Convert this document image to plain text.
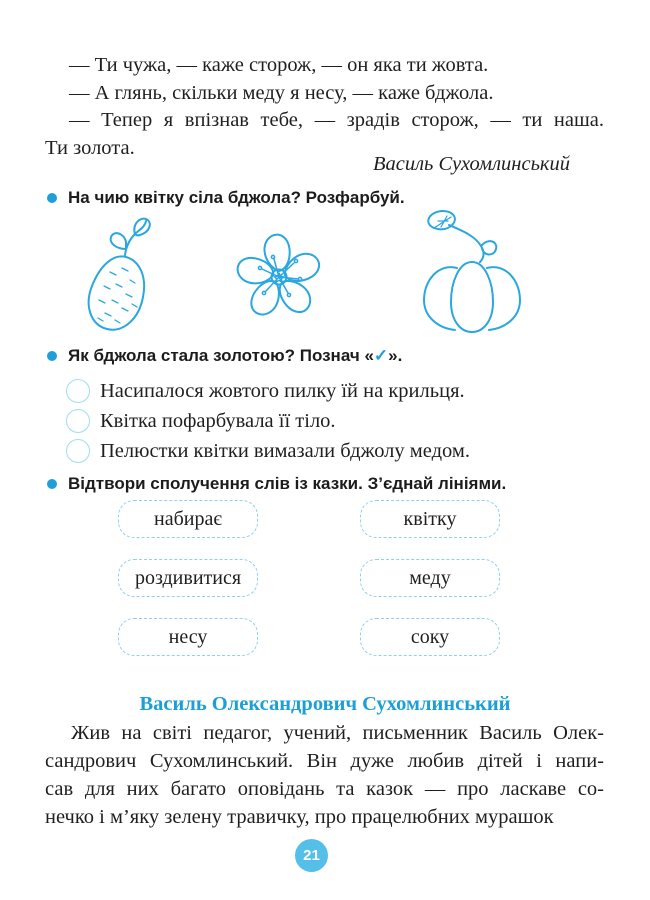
— Ти чужа, — каже сторож, — он яка ти жовта.
— А глянь, скільки меду я несу, — каже бджола.
— Тепер я впізнав тебе, — зрадів сторож, — ти наша.
Ти золота.
Василь Сухомлинський
На чию квітку сіла бджола? Розфарбуй.
Як бджола стала золотою? Познач «✓».
Насипалося жовтого пилку їй на крильця.
Квітка пофарбувала її тіло.
Пелюстки квітки вимазали бджолу медом.
Відтвори сполучення слів із казки. З’єднай лініями.
набирає
роздивитися
несу
квітку
меду
соку
Василь Олександрович Сухомлинський
Жив на світі педагог, учений, письменник Василь Олек-
сандрович Сухомлинський. Він дуже любив дітей і напи-
сав для них багато оповідань та казок — про ласкаве со-
нечко і м’яку зелену травичку, про працелюбних мурашок
21
